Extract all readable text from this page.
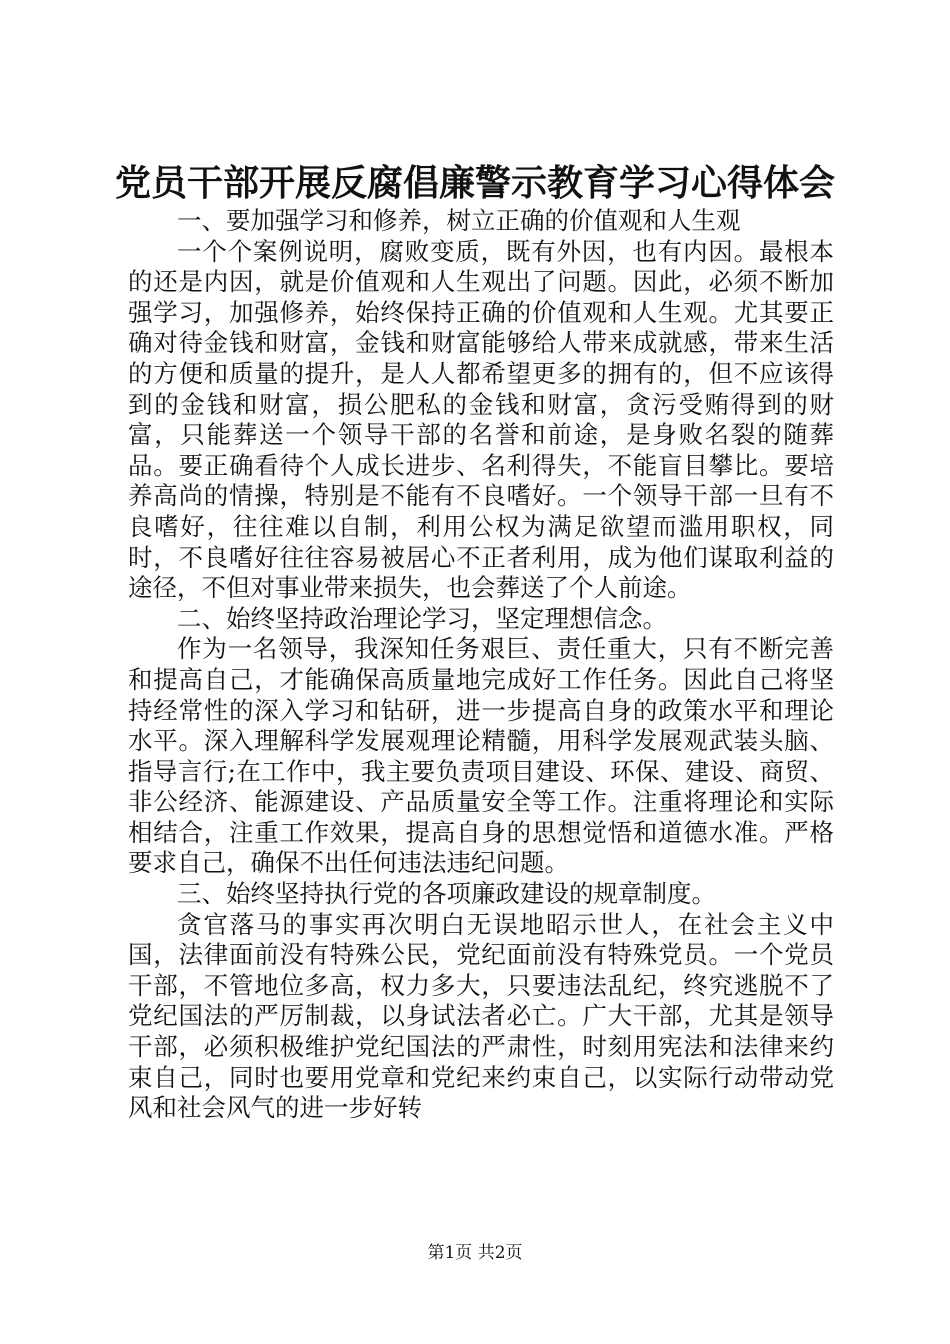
党员干部开展反腐倡廉警示教育学习心得体会

一、要加强学习和修养，树立正确的价值观和人生观

一个个案例说明，腐败变质，既有外因，也有内因。最根本的还是内因，就是价值观和人生观出了问题。因此，必须不断加强学习，加强修养，始终保持正确的价值观和人生观。尤其要正确对待金钱和财富，金钱和财富能够给人带来成就感，带来生活的方便和质量的提升，是人人都希望更多的拥有的，但不应该得到的金钱和财富，损公肥私的金钱和财富，贪污受贿得到的财富，只能葬送一个领导干部的名誉和前途，是身败名裂的随葬品。要正确看待个人成长进步、名利得失，不能盲目攀比。要培养高尚的情操，特别是不能有不良嗜好。一个领导干部一旦有不良嗜好，往往难以自制，利用公权为满足欲望而滥用职权，同时，不良嗜好往往容易被居心不正者利用，成为他们谋取利益的途径，不但对事业带来损失，也会葬送了个人前途。

二、始终坚持政治理论学习，坚定理想信念。

作为一名领导，我深知任务艰巨、责任重大，只有不断完善和提高自己，才能确保高质量地完成好工作任务。因此自己将坚持经常性的深入学习和钻研，进一步提高自身的政策水平和理论水平。深入理解科学发展观理论精髓，用科学发展观武装头脑、指导言行;在工作中，我主要负责项目建设、环保、建设、商贸、非公经济、能源建设、产品质量安全等工作。注重将理论和实际相结合，注重工作效果，提高自身的思想觉悟和道德水准。严格要求自己，确保不出任何违法违纪问题。

三、始终坚持执行党的各项廉政建设的规章制度。

贪官落马的事实再次明白无误地昭示世人，在社会主义中国，法律面前没有特殊公民，党纪面前没有特殊党员。一个党员干部，不管地位多高，权力多大，只要违法乱纪，终究逃脱不了党纪国法的严厉制裁，以身试法者必亡。广大干部，尤其是领导干部，必须积极维护党纪国法的严肃性，时刻用宪法和法律来约束自己，同时也要用党章和党纪来约束自己，以实际行动带动党风和社会风气的进一步好转

第1页 共2页
